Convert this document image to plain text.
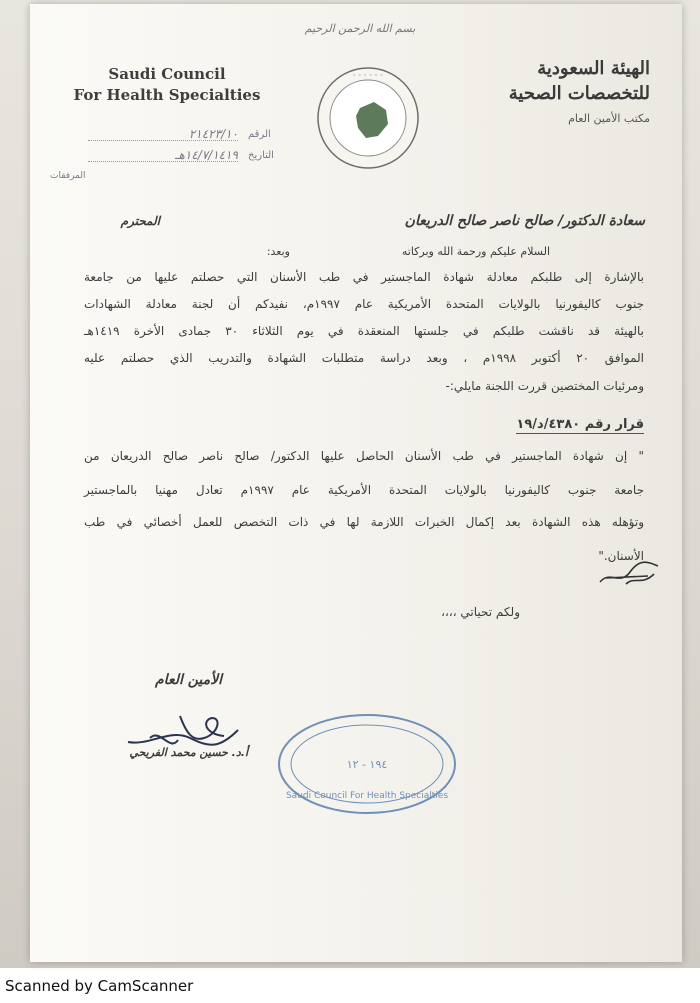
بسم الله الرحمن الرحيم
Saudi Council
For Health Specialties
٢١٤٢٣/١٠ الرقم
١٤/٧/١٤١٩هـ التاريخ
المرفقات
◦ ◦ ◦ ◦ ◦ ◦	الهيئة السعودية
للتخصصات الصحية
مكتب الأمين العام
سعادة الدكتور/ صالح ناصر صالح الدريعان
المحترم
السلام عليكم ورحمة الله وبركاته
وبعد:
بالإشارة إلى طلبكم معادلة شهادة الماجستير في طب الأسنان التي حصلتم عليها من جامعة
جنوب كاليفورنيا بالولايات المتحدة الأمريكية عام ١٩٩٧م، نفيدكم أن لجنة معادلة الشهادات
بالهيئة قد ناقشت طلبكم في جلستها المنعقدة في يوم الثلاثاء ٣٠ جمادى الأخرة ١٤١٩هـ
الموافق ٢٠ أكتوبر ١٩٩٨م ، وبعد دراسة متطلبات الشهادة والتدريب الذي حصلتم عليه
ومرئيات المختصين قررت اللجنة مايلي:-
قرار رقم ٤٣٨٠/د/١٩
" إن شهادة الماجستير في طب الأسنان الحاصل عليها الدكتور/ صالح ناصر صالح الدريعان من
جامعة جنوب كاليفورنيا بالولايات المتحدة الأمريكية عام ١٩٩٧م تعادل مهنيا بالماجستير
وتؤهله هذه الشهادة بعد إكمال الخبرات اللازمة لها في ذات التخصص للعمل أخصائي في طب
الأسنان."
ولكم تحياتي ،،،،
الأمين العام
أ.د. حسين محمد الفريحي
Saudi Council For Health Specialties
١٩٤ - ١٢
Scanned by CamScanner
